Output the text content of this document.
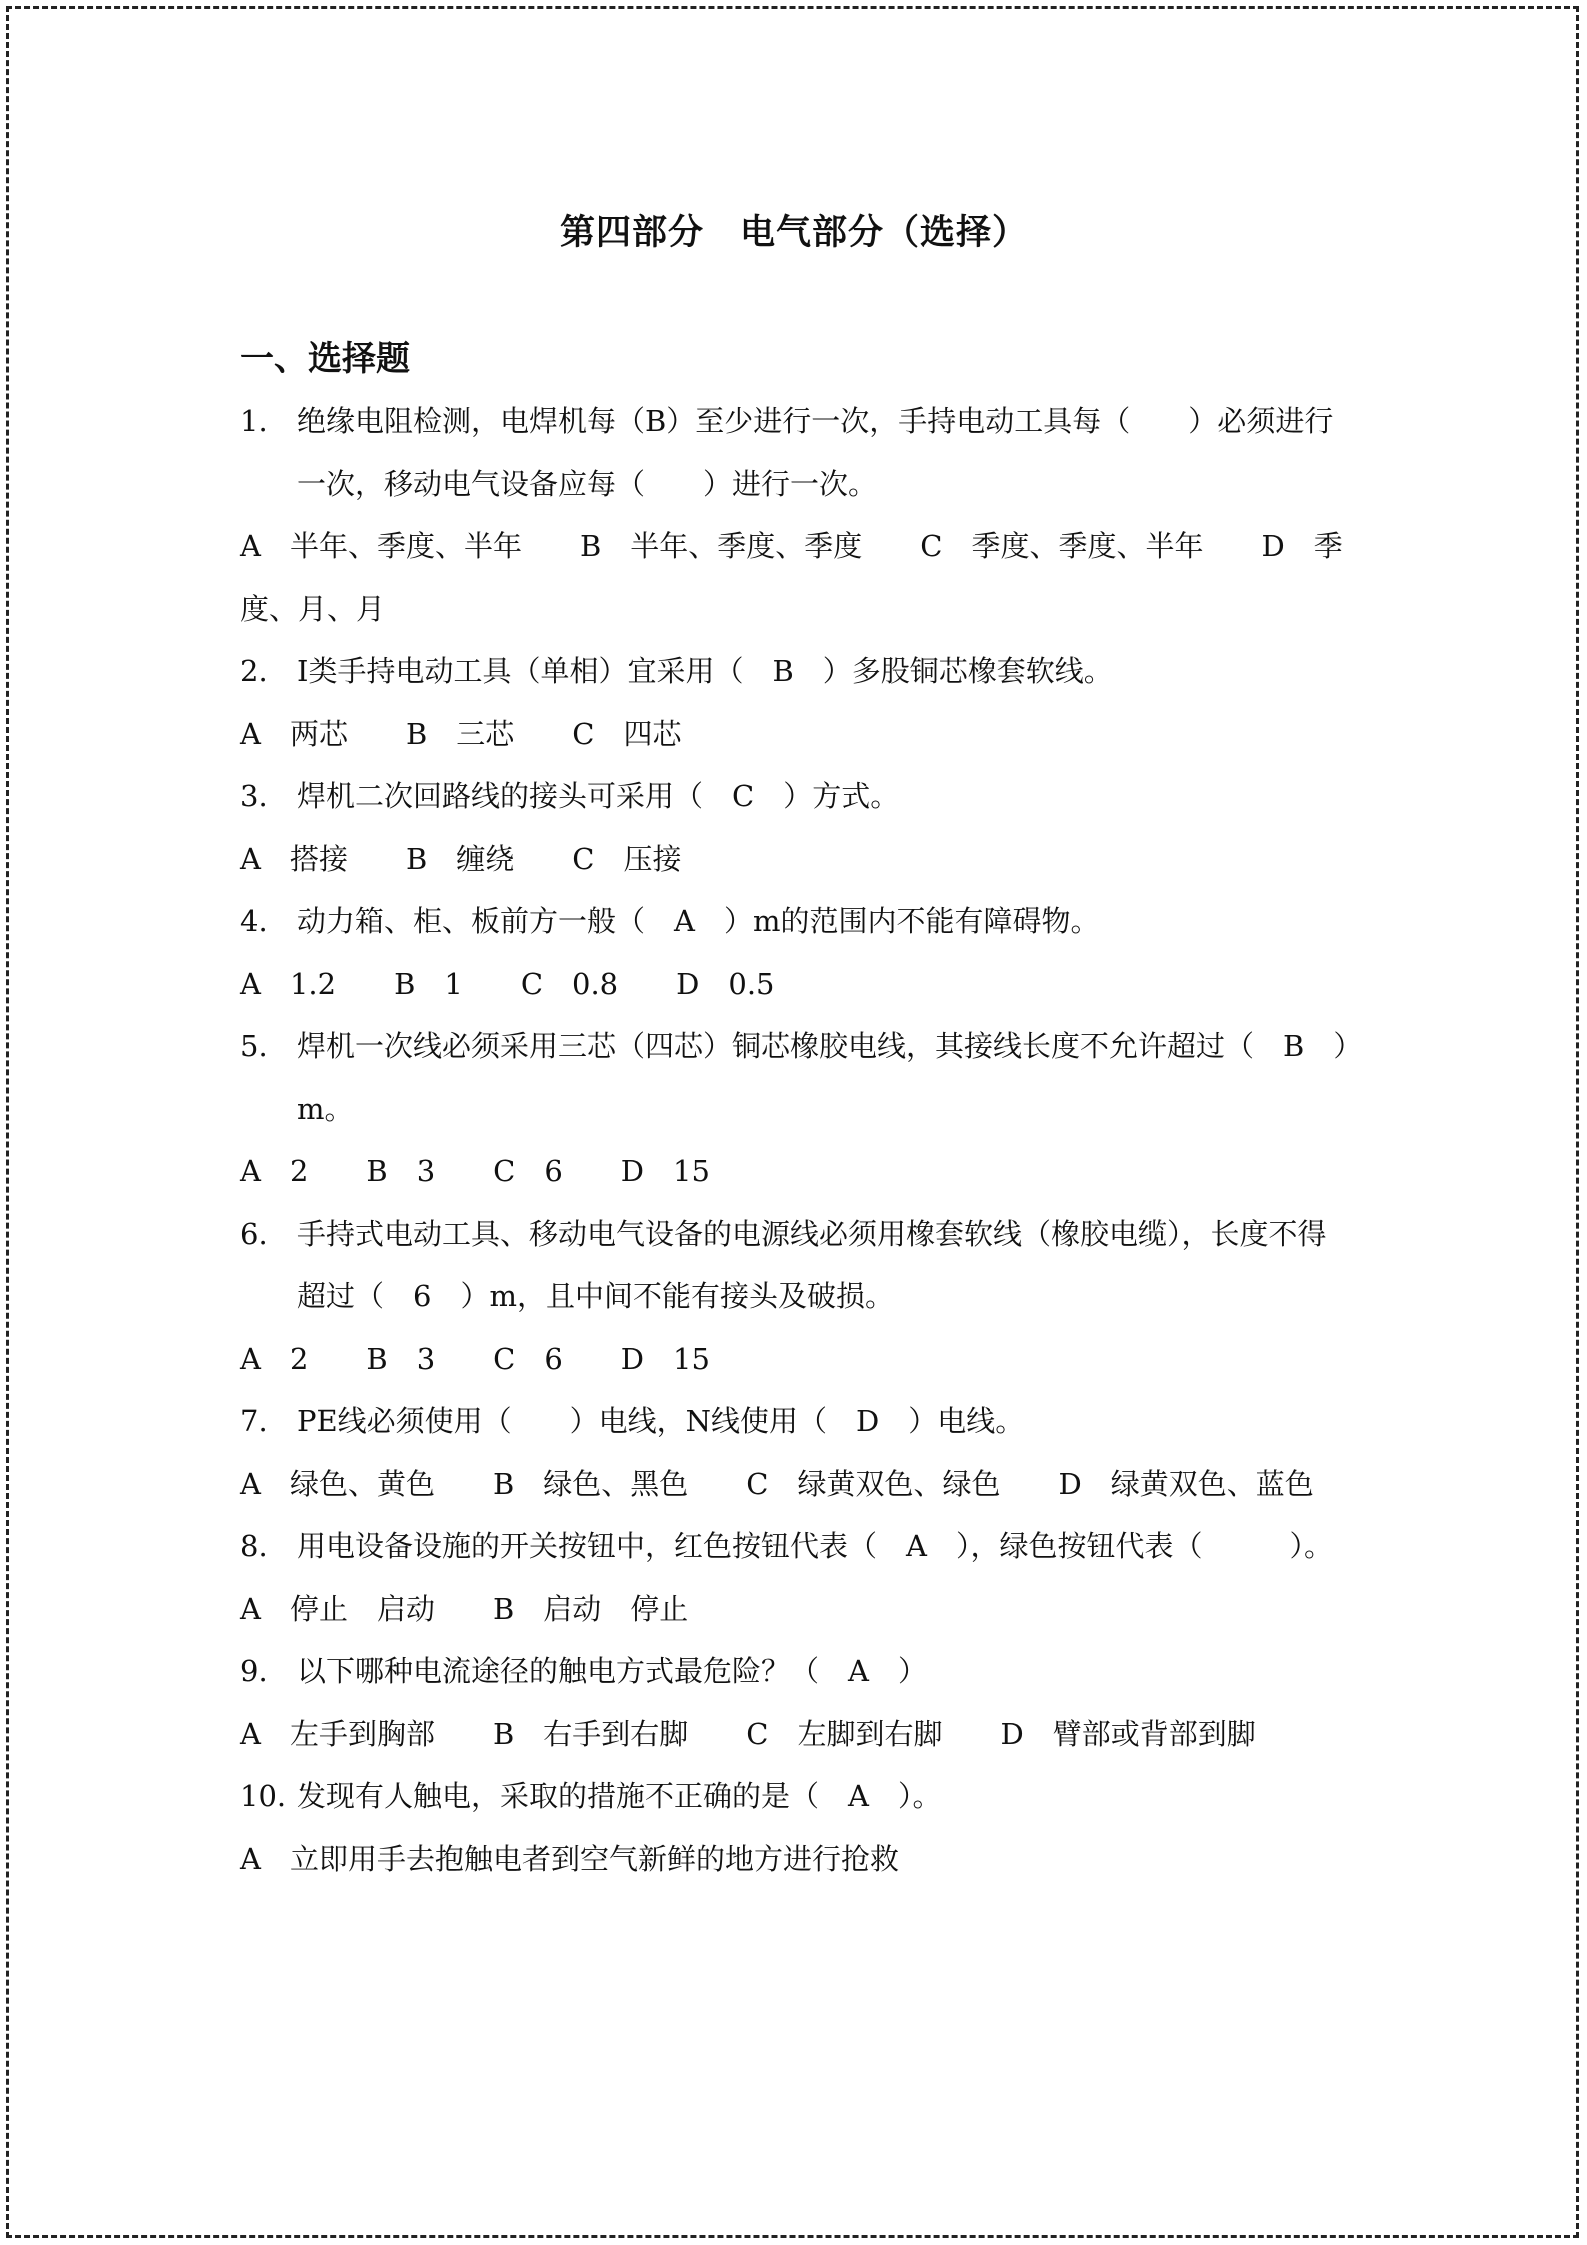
第四部分　电气部分（选择）
一、选择题
1. 绝缘电阻检测，电焊机每（B）至少进行一次，手持电动工具每（　　）必须进行一次，移动电气设备应每（　　）进行一次。
A　半年、季度、半年　　B　半年、季度、季度　　C　季度、季度、半年　　D　季度、月、月
2. Ⅰ类手持电动工具（单相）宜采用（　B　）多股铜芯橡套软线。
A　两芯　　B　三芯　　C　四芯
3. 焊机二次回路线的接头可采用（　C　）方式。
A　搭接　　B　缠绕　　C　压接
4. 动力箱、柜、板前方一般（　A　）m的范围内不能有障碍物。
A　1.2　　B　1　　C　0.8　　D　0.5
5. 焊机一次线必须采用三芯（四芯）铜芯橡胶电线，其接线长度不允许超过（　B　）m。
A　2　　B　3　　C　6　　D　15
6. 手持式电动工具、移动电气设备的电源线必须用橡套软线（橡胶电缆），长度不得超过（　6　）m，且中间不能有接头及破损。
A　2　　B　3　　C　6　　D　15
7. PE线必须使用（　　）电线，N线使用（　D　）电线。
A　绿色、黄色　　B　绿色、黑色　　C　绿黄双色、绿色　　D　绿黄双色、蓝色
8. 用电设备设施的开关按钮中，红色按钮代表（　A　），绿色按钮代表（　　　）。
A　停止　启动　　B　启动　停止
9. 以下哪种电流途径的触电方式最危险？（　A　）
A　左手到胸部　　B　右手到右脚　　C　左脚到右脚　　D　臂部或背部到脚
10. 发现有人触电，采取的措施不正确的是（　A　）。
A　立即用手去抱触电者到空气新鲜的地方进行抢救
